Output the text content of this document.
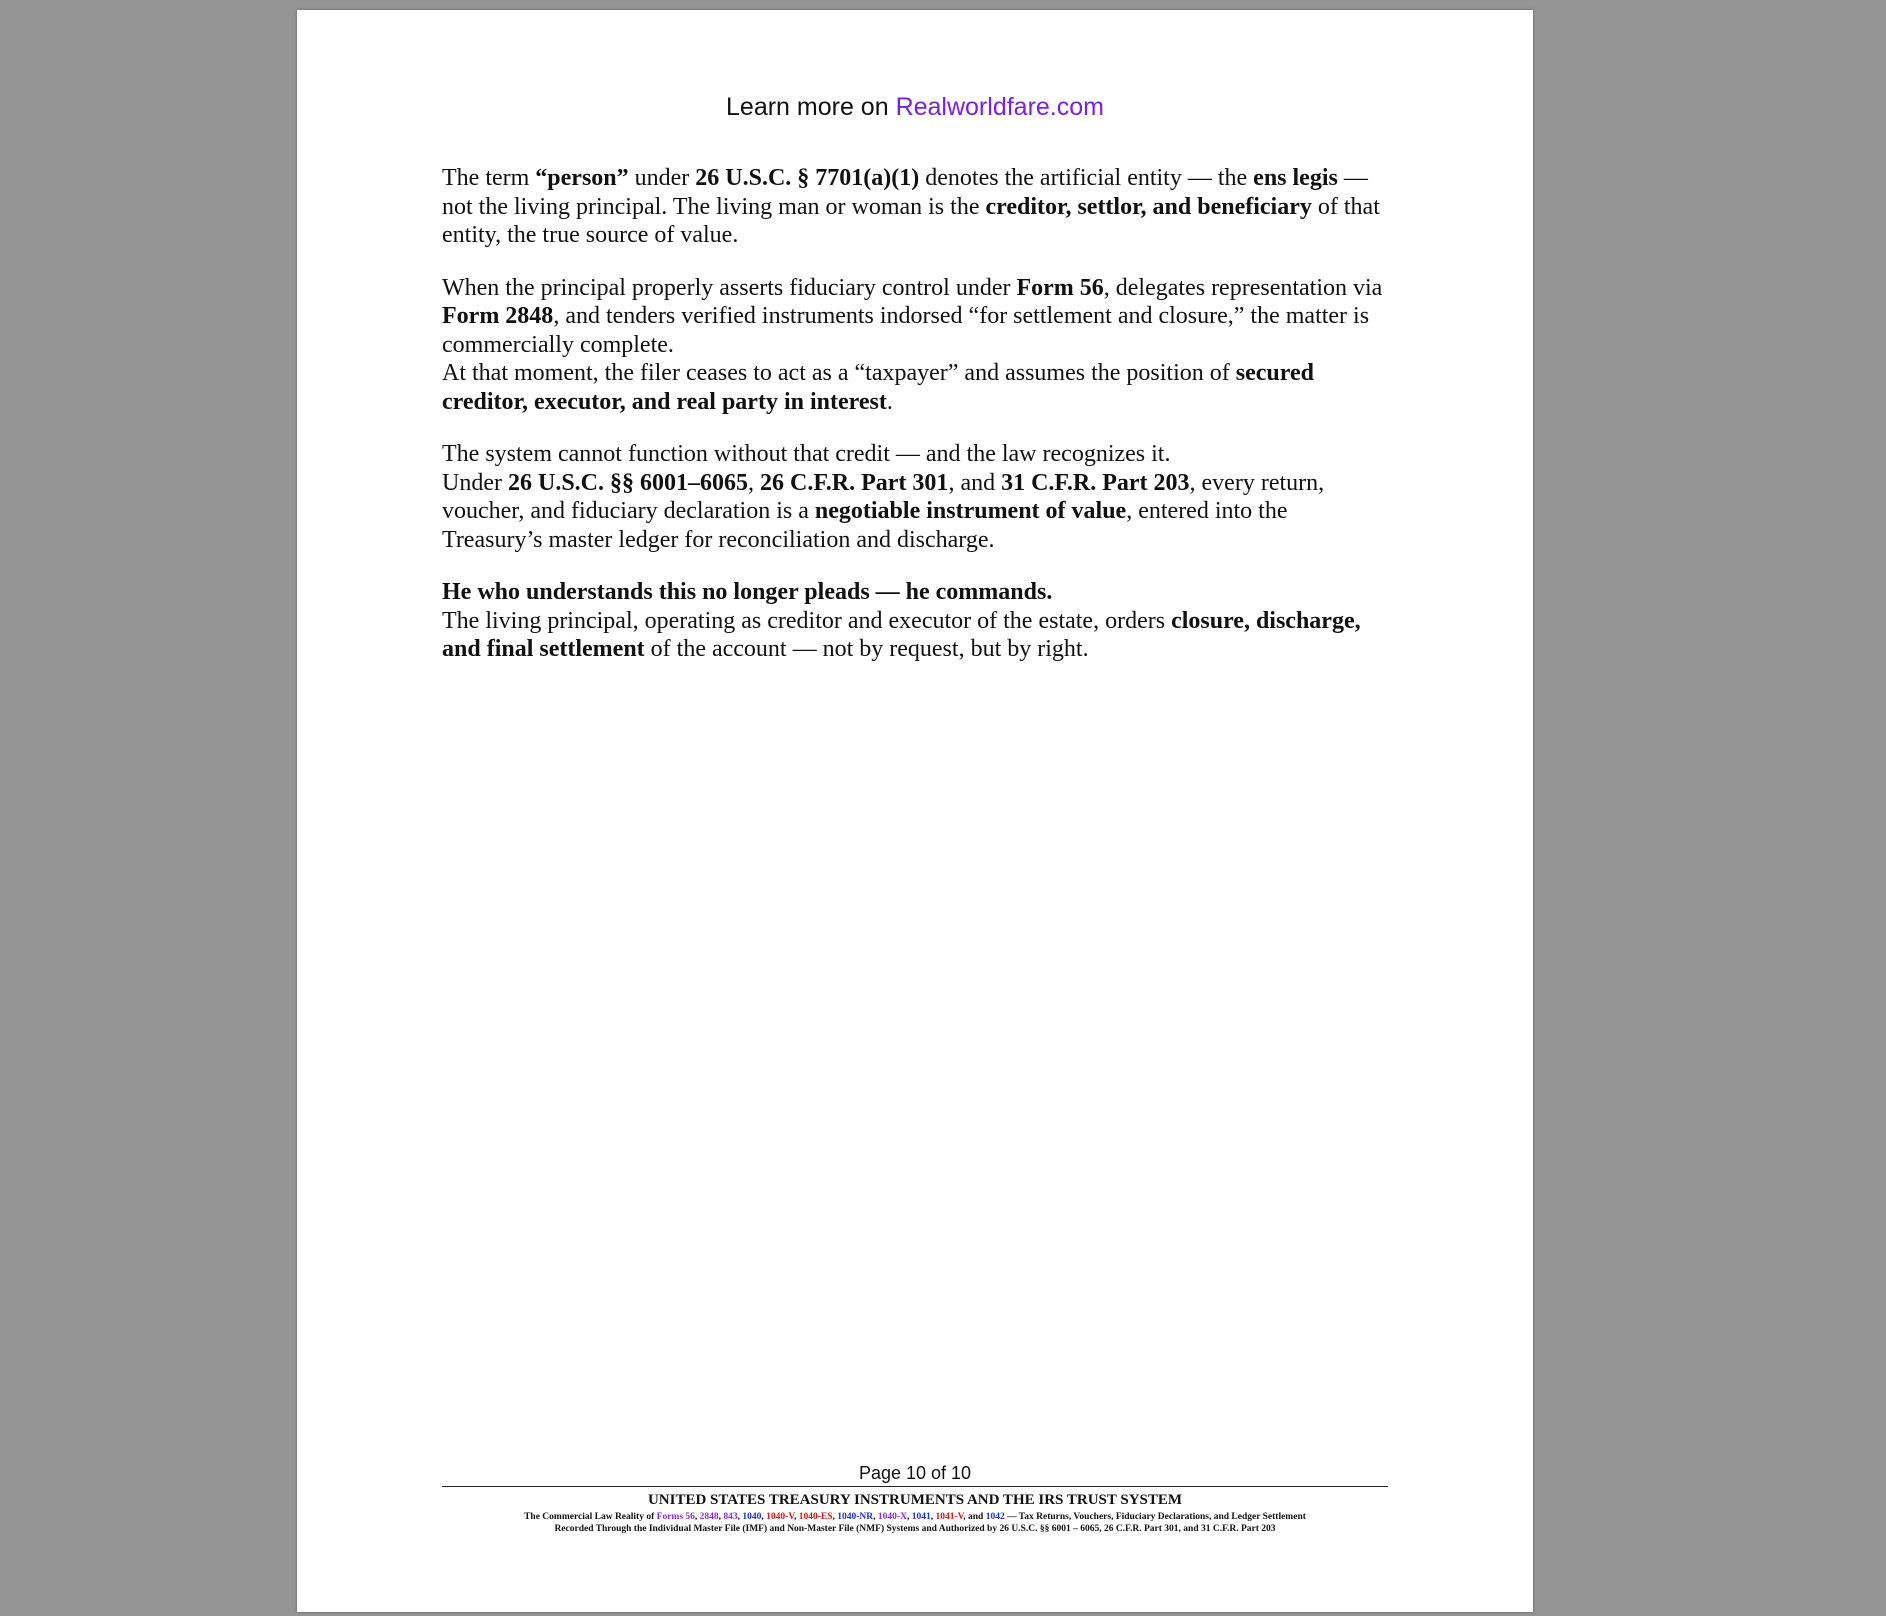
Learn more on Realworldfare.com

The term “person” under 26 U.S.C. § 7701(a)(1) denotes the artificial entity — the ens legis — not the living principal. The living man or woman is the creditor, settlor, and beneficiary of that entity, the true source of value.

When the principal properly asserts fiduciary control under Form 56, delegates representation via Form 2848, and tenders verified instruments indorsed “for settlement and closure,” the matter is commercially complete.
At that moment, the filer ceases to act as a “taxpayer” and assumes the position of secured creditor, executor, and real party in interest.

The system cannot function without that credit — and the law recognizes it.
Under 26 U.S.C. §§ 6001–6065, 26 C.F.R. Part 301, and 31 C.F.R. Part 203, every return, voucher, and fiduciary declaration is a negotiable instrument of value, entered into the Treasury’s master ledger for reconciliation and discharge.

He who understands this no longer pleads — he commands.
The living principal, operating as creditor and executor of the estate, orders closure, discharge, and final settlement of the account — not by request, but by right.

Page 10 of 10
UNITED STATES TREASURY INSTRUMENTS AND THE IRS TRUST SYSTEM
The Commercial Law Reality of Forms 56, 2848, 843, 1040, 1040-V, 1040-ES, 1040-NR, 1040-X, 1041, 1041-V, and 1042 — Tax Returns, Vouchers, Fiduciary Declarations, and Ledger Settlement
Recorded Through the Individual Master File (IMF) and Non-Master File (NMF) Systems and Authorized by 26 U.S.C. §§ 6001 – 6065, 26 C.F.R. Part 301, and 31 C.F.R. Part 203
